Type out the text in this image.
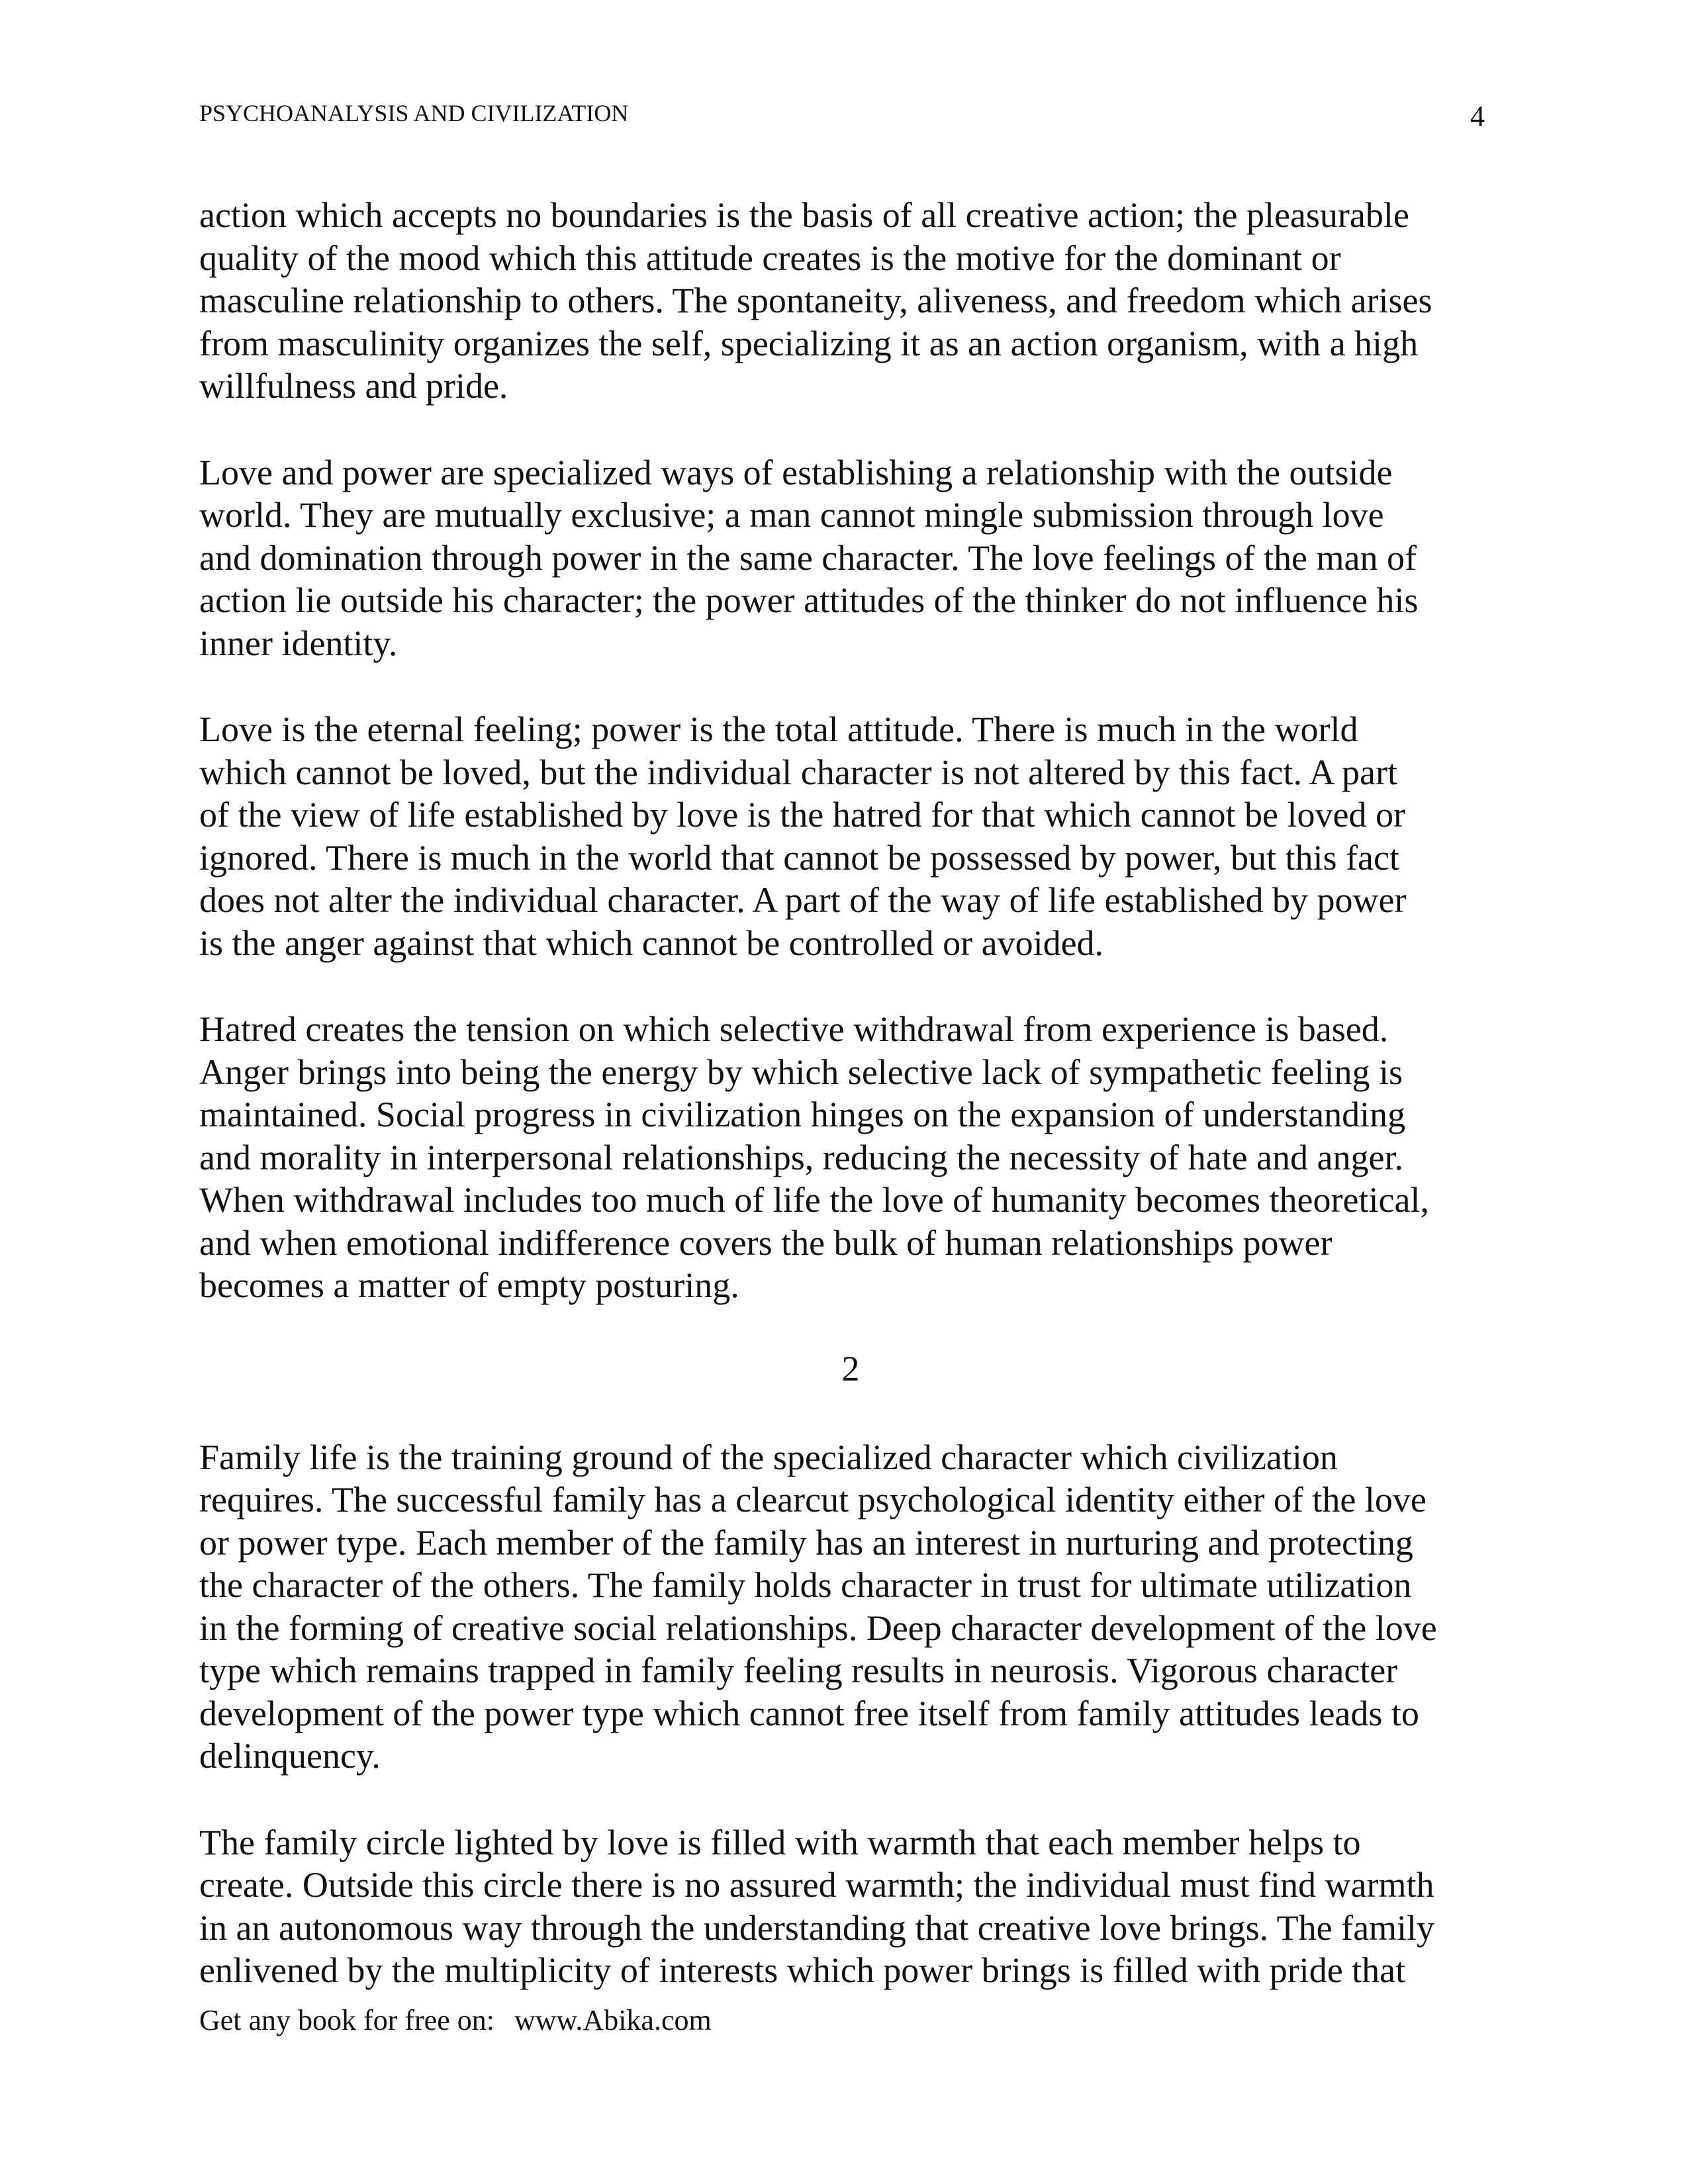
PSYCHOANALYSIS AND CIVILIZATION	4

action which accepts no boundaries is the basis of all creative action; the pleasurable
quality of the mood which this attitude creates is the motive for the dominant or
masculine relationship to others. The spontaneity, aliveness, and freedom which arises
from masculinity organizes the self, specializing it as an action organism, with a high
willfulness and pride.

Love and power are specialized ways of establishing a relationship with the outside
world. They are mutually exclusive; a man cannot mingle submission through love
and domination through power in the same character. The love feelings of the man of
action lie outside his character; the power attitudes of the thinker do not influence his
inner identity.

Love is the eternal feeling; power is the total attitude. There is much in the world
which cannot be loved, but the individual character is not altered by this fact. A part
of the view of life established by love is the hatred for that which cannot be loved or
ignored. There is much in the world that cannot be possessed by power, but this fact
does not alter the individual character. A part of the way of life established by power
is the anger against that which cannot be controlled or avoided.

Hatred creates the tension on which selective withdrawal from experience is based.
Anger brings into being the energy by which selective lack of sympathetic feeling is
maintained. Social progress in civilization hinges on the expansion of understanding
and morality in interpersonal relationships, reducing the necessity of hate and anger.
When withdrawal includes too much of life the love of humanity becomes theoretical,
and when emotional indifference covers the bulk of human relationships power
becomes a matter of empty posturing.

2

Family life is the training ground of the specialized character which civilization
requires. The successful family has a clearcut psychological identity either of the love
or power type. Each member of the family has an interest in nurturing and protecting
the character of the others. The family holds character in trust for ultimate utilization
in the forming of creative social relationships. Deep character development of the love
type which remains trapped in family feeling results in neurosis. Vigorous character
development of the power type which cannot free itself from family attitudes leads to
delinquency.

The family circle lighted by love is filled with warmth that each member helps to
create. Outside this circle there is no assured warmth; the individual must find warmth
in an autonomous way through the understanding that creative love brings. The family
enlivened by the multiplicity of interests which power brings is filled with pride that

Get any book for free on: www.Abika.com
